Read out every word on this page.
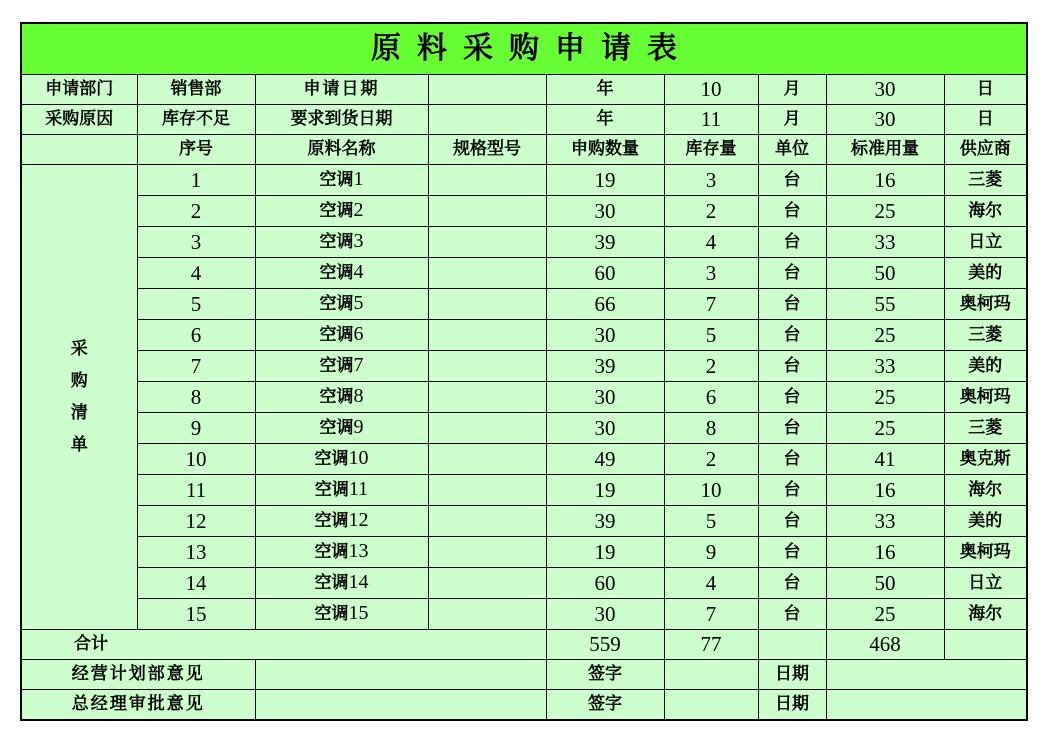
原料采购申请表								
申请部门	销售部	申请日期		年	10	月	30	日
采购原因	库存不足	要求到货日期		年	11	月	30	日
	序号	原料名称	规格型号	申购数量	库存量	单位	标准用量	供应商
采购清单	1	空调1		19	3	台	16	三菱
	2	空调2		30	2	台	25	海尔
	3	空调3		39	4	台	33	日立
	4	空调4		60	3	台	50	美的
	5	空调5		66	7	台	55	奥柯玛
	6	空调6		30	5	台	25	三菱
	7	空调7		39	2	台	33	美的
	8	空调8		30	6	台	25	奥柯玛
	9	空调9		30	8	台	25	三菱
	10	空调10		49	2	台	41	奥克斯
	11	空调11		19	10	台	16	海尔
	12	空调12		39	5	台	33	美的
	13	空调13		19	9	台	16	奥柯玛
	14	空调14		60	4	台	50	日立
	15	空调15		30	7	台	25	海尔
合计				559	77		468	
经营计划部意见				签字		日期		
总经理审批意见				签字		日期		
